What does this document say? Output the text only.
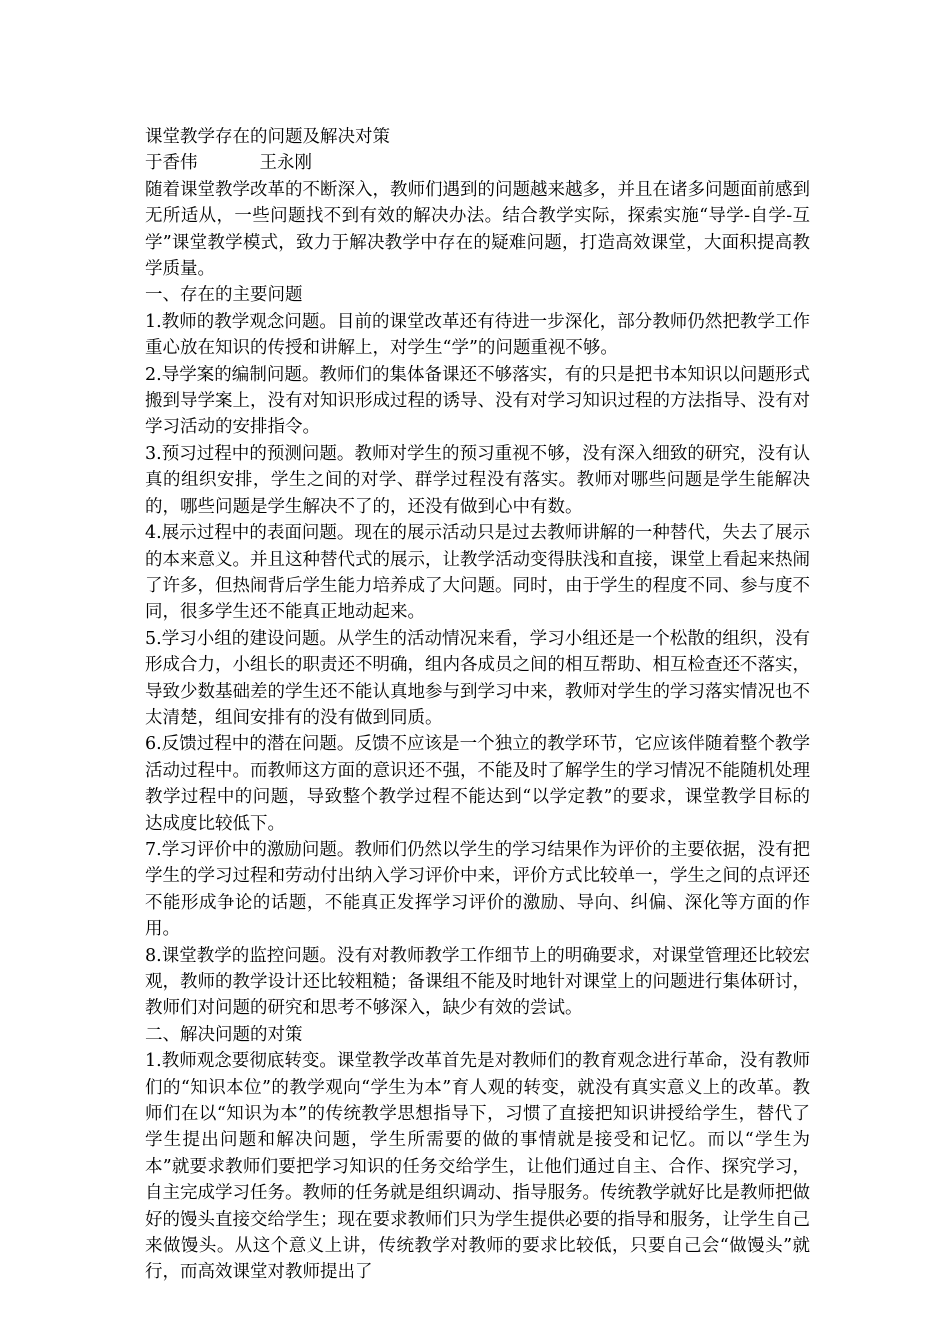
课堂教学存在的问题及解决对策

于香伟	王永刚

随着课堂教学改革的不断深入，教师们遇到的问题越来越多，并且在诸多问题面前感到无所适从，一些问题找不到有效的解决办法。结合教学实际，探索实施“导学-自学-互学”课堂教学模式，致力于解决教学中存在的疑难问题，打造高效课堂，大面积提高教学质量。

一、存在的主要问题

1.教师的教学观念问题。目前的课堂改革还有待进一步深化，部分教师仍然把教学工作重心放在知识的传授和讲解上，对学生“学”的问题重视不够。

2.导学案的编制问题。教师们的集体备课还不够落实，有的只是把书本知识以问题形式搬到导学案上，没有对知识形成过程的诱导、没有对学习知识过程的方法指导、没有对学习活动的安排指令。

3.预习过程中的预测问题。教师对学生的预习重视不够，没有深入细致的研究，没有认真的组织安排，学生之间的对学、群学过程没有落实。教师对哪些问题是学生能解决的，哪些问题是学生解决不了的，还没有做到心中有数。

4.展示过程中的表面问题。现在的展示活动只是过去教师讲解的一种替代，失去了展示的本来意义。并且这种替代式的展示，让教学活动变得肤浅和直接，课堂上看起来热闹了许多，但热闹背后学生能力培养成了大问题。同时，由于学生的程度不同、参与度不同，很多学生还不能真正地动起来。

5.学习小组的建设问题。从学生的活动情况来看，学习小组还是一个松散的组织，没有形成合力，小组长的职责还不明确，组内各成员之间的相互帮助、相互检查还不落实，导致少数基础差的学生还不能认真地参与到学习中来，教师对学生的学习落实情况也不太清楚，组间安排有的没有做到同质。

6.反馈过程中的潜在问题。反馈不应该是一个独立的教学环节，它应该伴随着整个教学活动过程中。而教师这方面的意识还不强，不能及时了解学生的学习情况不能随机处理教学过程中的问题，导致整个教学过程不能达到“以学定教”的要求，课堂教学目标的达成度比较低下。

7.学习评价中的激励问题。教师们仍然以学生的学习结果作为评价的主要依据，没有把学生的学习过程和劳动付出纳入学习评价中来，评价方式比较单一，学生之间的点评还不能形成争论的话题，不能真正发挥学习评价的激励、导向、纠偏、深化等方面的作用。

8.课堂教学的监控问题。没有对教师教学工作细节上的明确要求，对课堂管理还比较宏观，教师的教学设计还比较粗糙；备课组不能及时地针对课堂上的问题进行集体研讨，教师们对问题的研究和思考不够深入，缺少有效的尝试。

二、解决问题的对策

1.教师观念要彻底转变。课堂教学改革首先是对教师们的教育观念进行革命，没有教师们的“知识本位”的教学观向“学生为本”育人观的转变，就没有真实意义上的改革。教师们在以“知识为本”的传统教学思想指导下，习惯了直接把知识讲授给学生，替代了学生提出问题和解决问题，学生所需要的做的事情就是接受和记忆。而以“学生为本”就要求教师们要把学习知识的任务交给学生，让他们通过自主、合作、探究学习，自主完成学习任务。教师的任务就是组织调动、指导服务。传统教学就好比是教师把做好的馒头直接交给学生；现在要求教师们只为学生提供必要的指导和服务，让学生自己来做馒头。从这个意义上讲，传统教学对教师的要求比较低，只要自己会“做馒头”就行，而高效课堂对教师提出了
